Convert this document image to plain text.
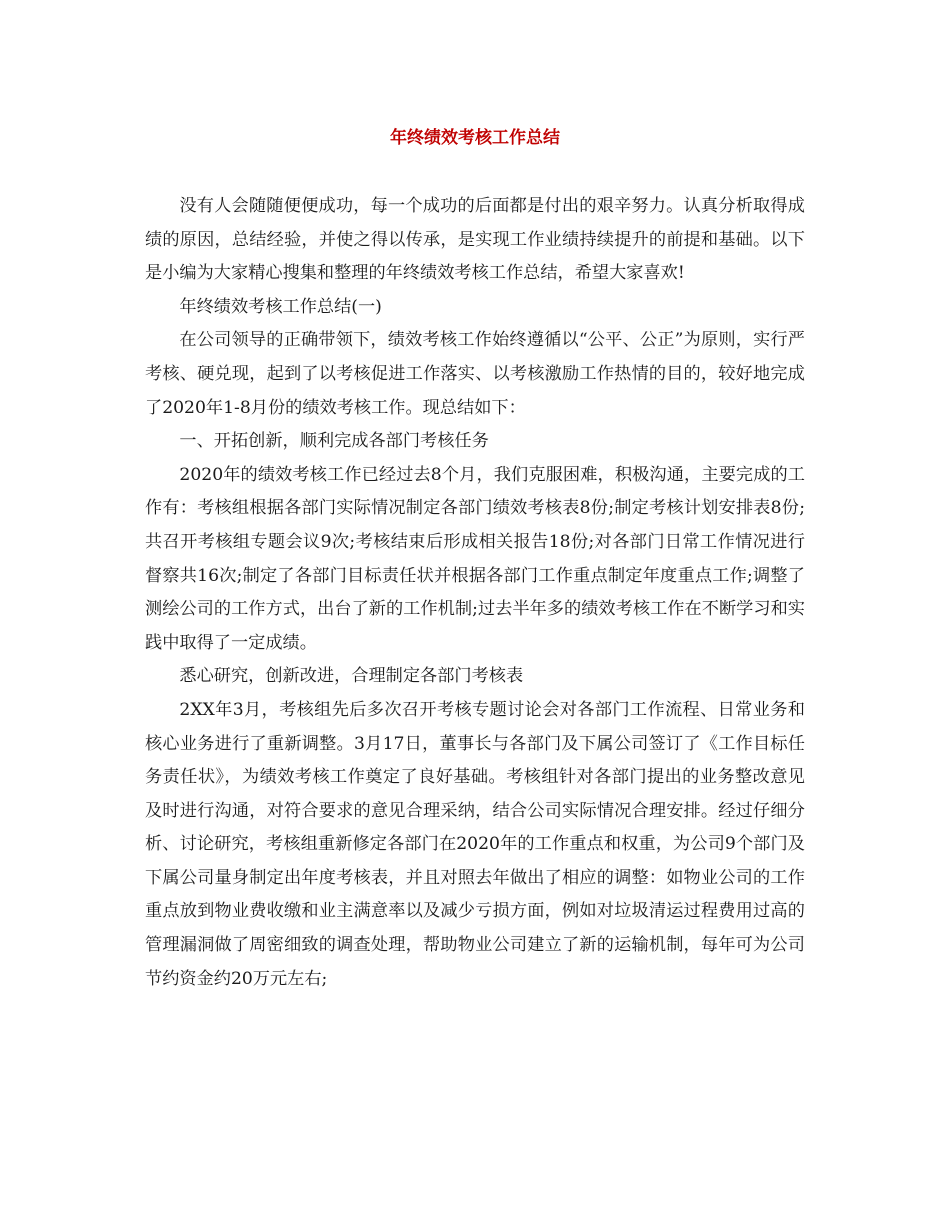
年终绩效考核工作总结

没有人会随随便便成功，每一个成功的后面都是付出的艰辛努力。认真分析取得成绩的原因，总结经验，并使之得以传承，是实现工作业绩持续提升的前提和基础。以下是小编为大家精心搜集和整理的年终绩效考核工作总结，希望大家喜欢!

年终绩效考核工作总结(一)

在公司领导的正确带领下，绩效考核工作始终遵循以“公平、公正”为原则，实行严考核、硬兑现，起到了以考核促进工作落实、以考核激励工作热情的目的，较好地完成了2020年1-8月份的绩效考核工作。现总结如下：

一、开拓创新，顺利完成各部门考核任务

2020年的绩效考核工作已经过去8个月，我们克服困难，积极沟通，主要完成的工作有：考核组根据各部门实际情况制定各部门绩效考核表8份;制定考核计划安排表8份;共召开考核组专题会议9次;考核结束后形成相关报告18份;对各部门日常工作情况进行督察共16次;制定了各部门目标责任状并根据各部门工作重点制定年度重点工作;调整了测绘公司的工作方式，出台了新的工作机制;过去半年多的绩效考核工作在不断学习和实践中取得了一定成绩。

悉心研究，创新改进，合理制定各部门考核表

2XX年3月，考核组先后多次召开考核专题讨论会对各部门工作流程、日常业务和核心业务进行了重新调整。3月17日，董事长与各部门及下属公司签订了《工作目标任务责任状》，为绩效考核工作奠定了良好基础。考核组针对各部门提出的业务整改意见及时进行沟通，对符合要求的意见合理采纳，结合公司实际情况合理安排。经过仔细分析、讨论研究，考核组重新修定各部门在2020年的工作重点和权重，为公司9个部门及下属公司量身制定出年度考核表，并且对照去年做出了相应的调整：如物业公司的工作重点放到物业费收缴和业主满意率以及减少亏损方面，例如对垃圾清运过程费用过高的管理漏洞做了周密细致的调查处理，帮助物业公司建立了新的运输机制，每年可为公司节约资金约20万元左右;
